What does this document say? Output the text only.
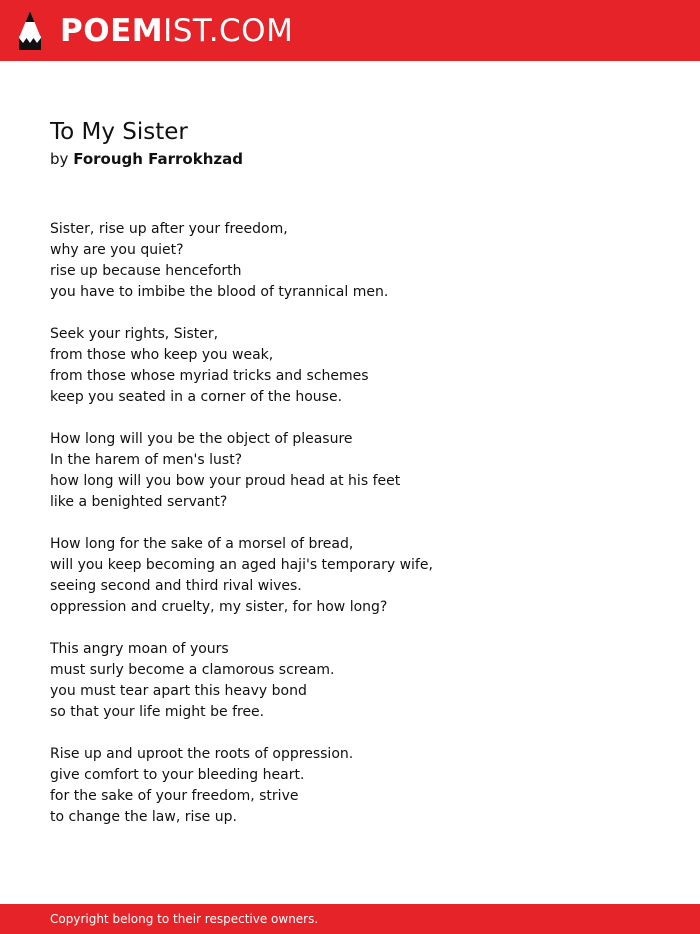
POEMIST.COM
To My Sister
by Forough Farrokhzad
Sister, rise up after your freedom,
why are you quiet?
rise up because henceforth
you have to imbibe the blood of tyrannical men.
Seek your rights, Sister,
from those who keep you weak,
from those whose myriad tricks and schemes
keep you seated in a corner of the house.
How long will you be the object of pleasure
In the harem of men's lust?
how long will you bow your proud head at his feet
like a benighted servant?
How long for the sake of a morsel of bread,
will you keep becoming an aged haji's temporary wife,
seeing second and third rival wives.
oppression and cruelty, my sister, for how long?
This angry moan of yours
must surly become a clamorous scream.
you must tear apart this heavy bond
so that your life might be free.
Rise up and uproot the roots of oppression.
give comfort to your bleeding heart.
for the sake of your freedom, strive
to change the law, rise up.
Copyright belong to their respective owners.
